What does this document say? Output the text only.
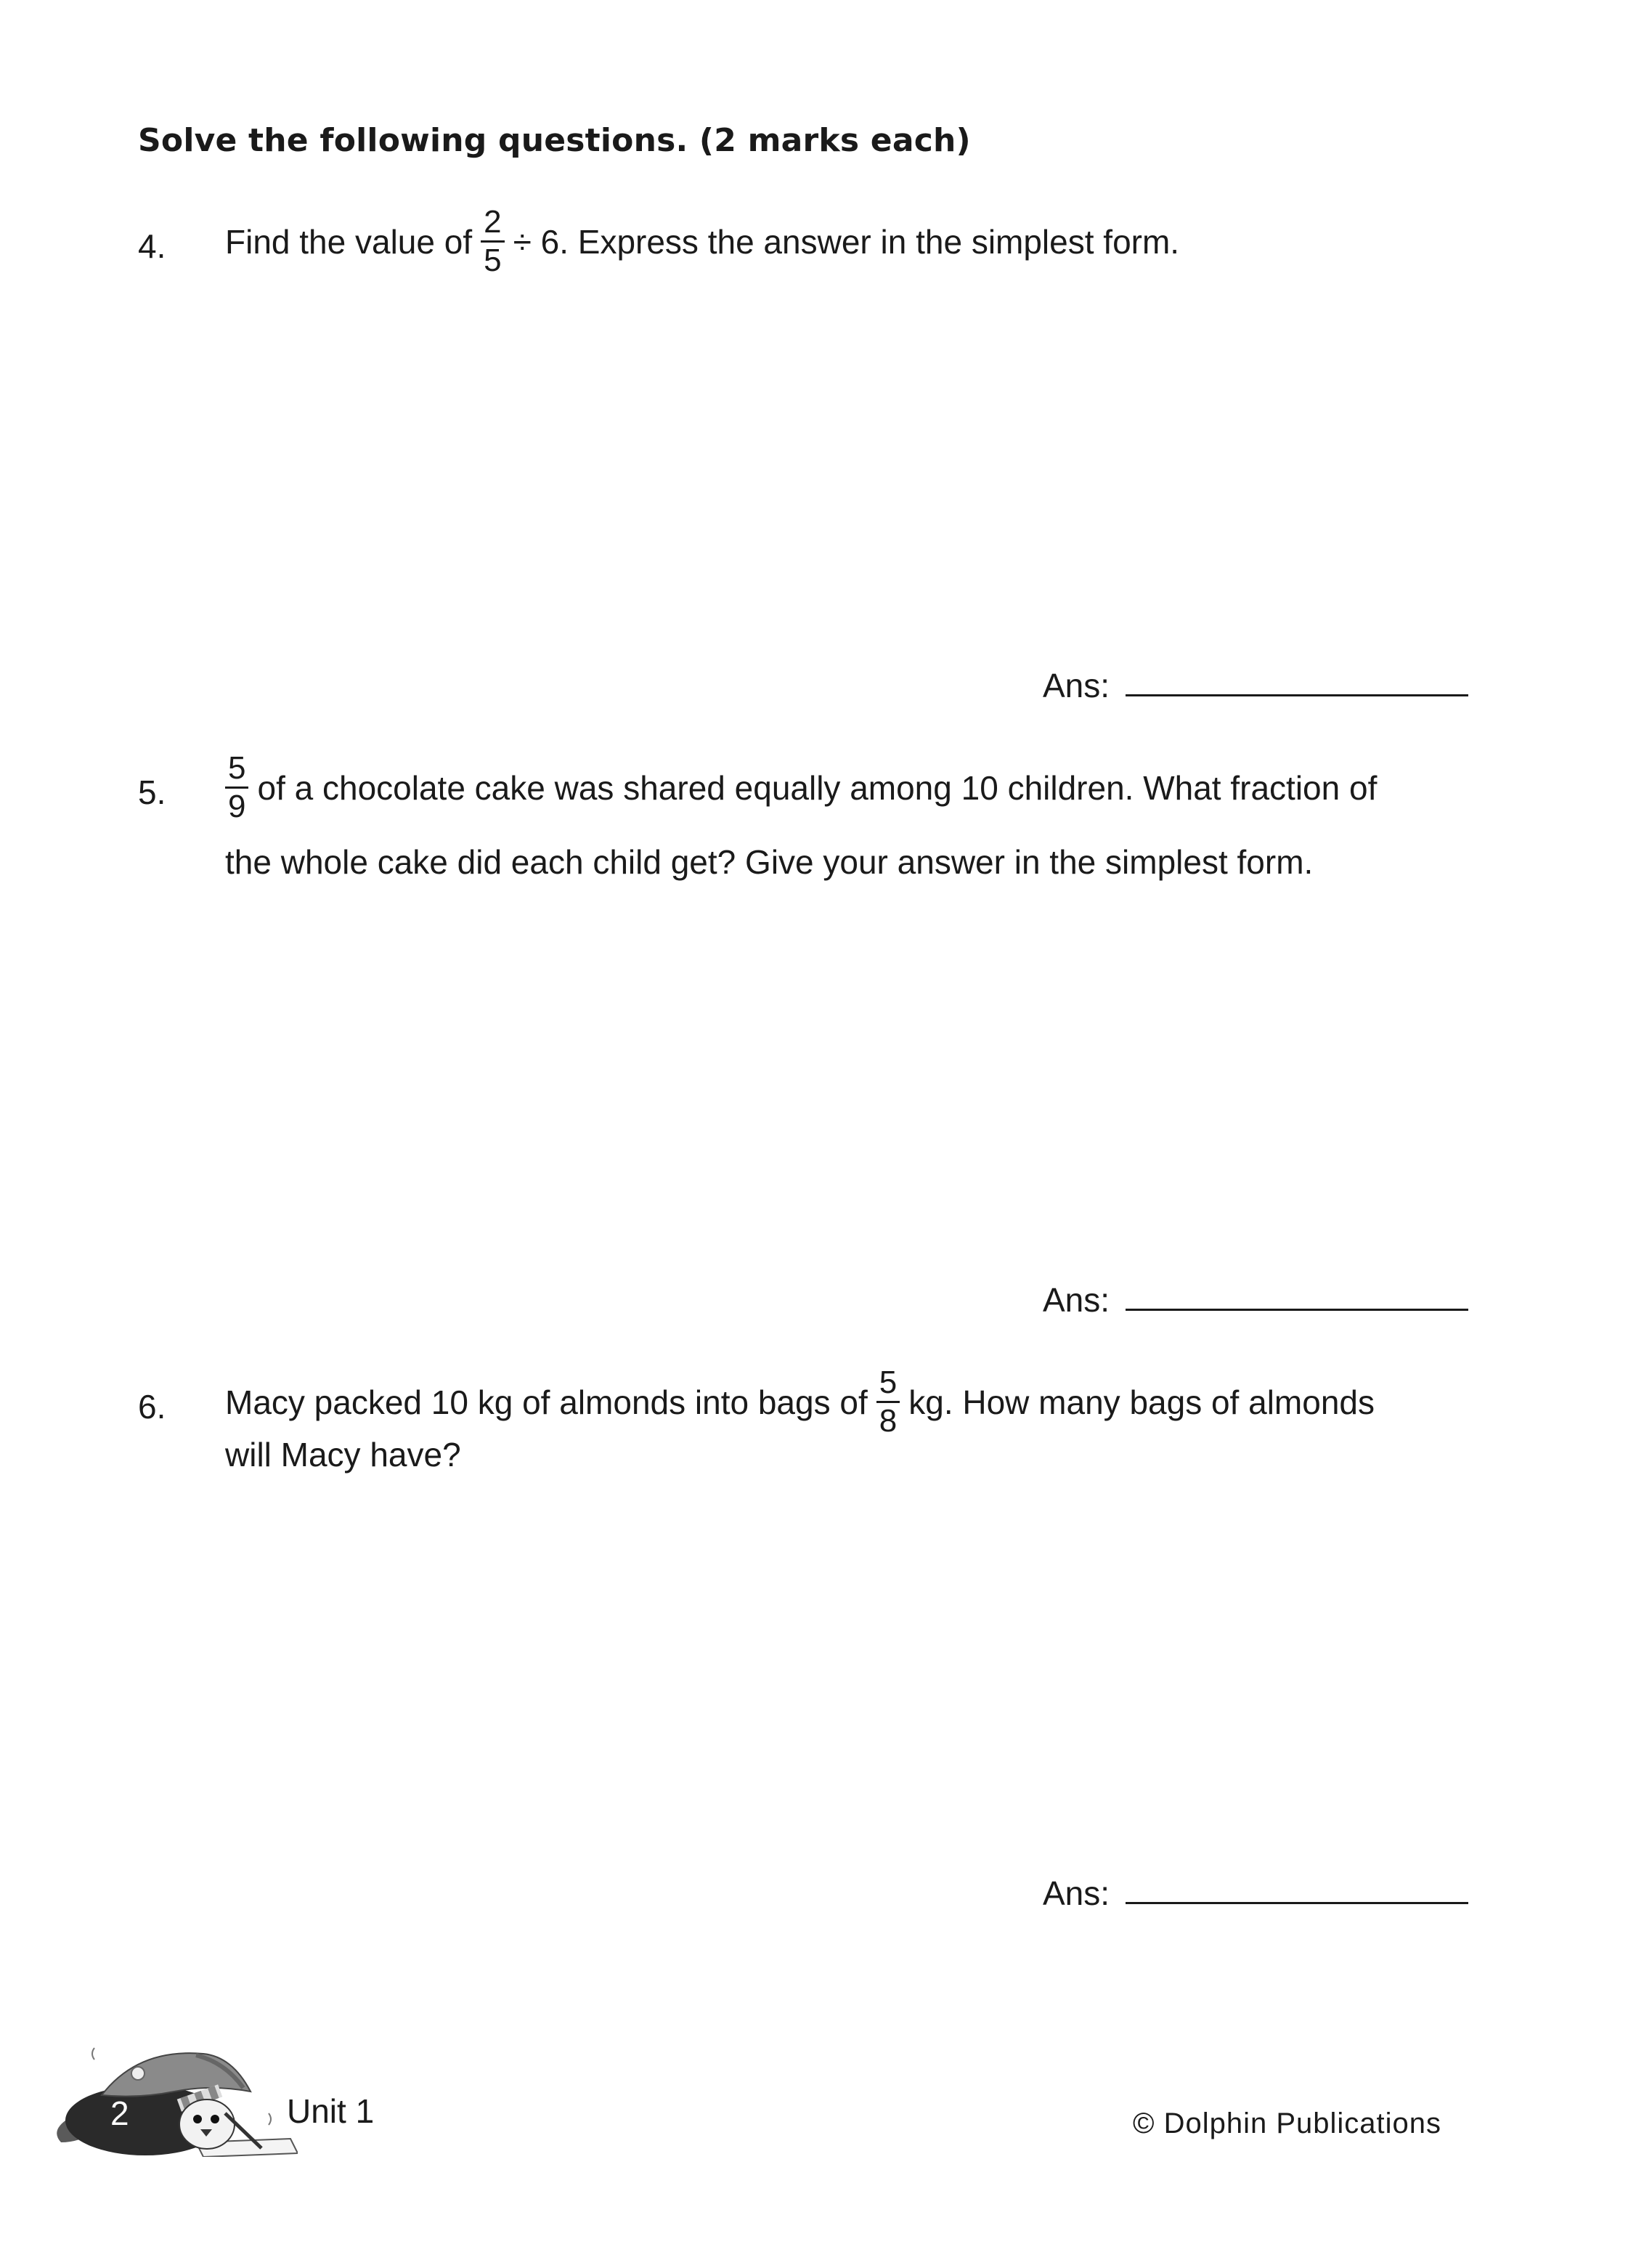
Solve the following questions. (2 marks each)
4. Find the value of $\frac{2}{5} \div 6$. Express the answer in the simplest form.
Ans:
5. $\frac{5}{9}$ of a chocolate cake was shared equally among 10 children. What fraction of
the whole cake did each child get? Give your answer in the simplest form.
Ans:
6. Macy packed 10 kg of almonds into bags of $\frac{5}{8}$ kg. How many bags of almonds
will Macy have?
Ans:
2	Unit 1	© Dolphin Publications
